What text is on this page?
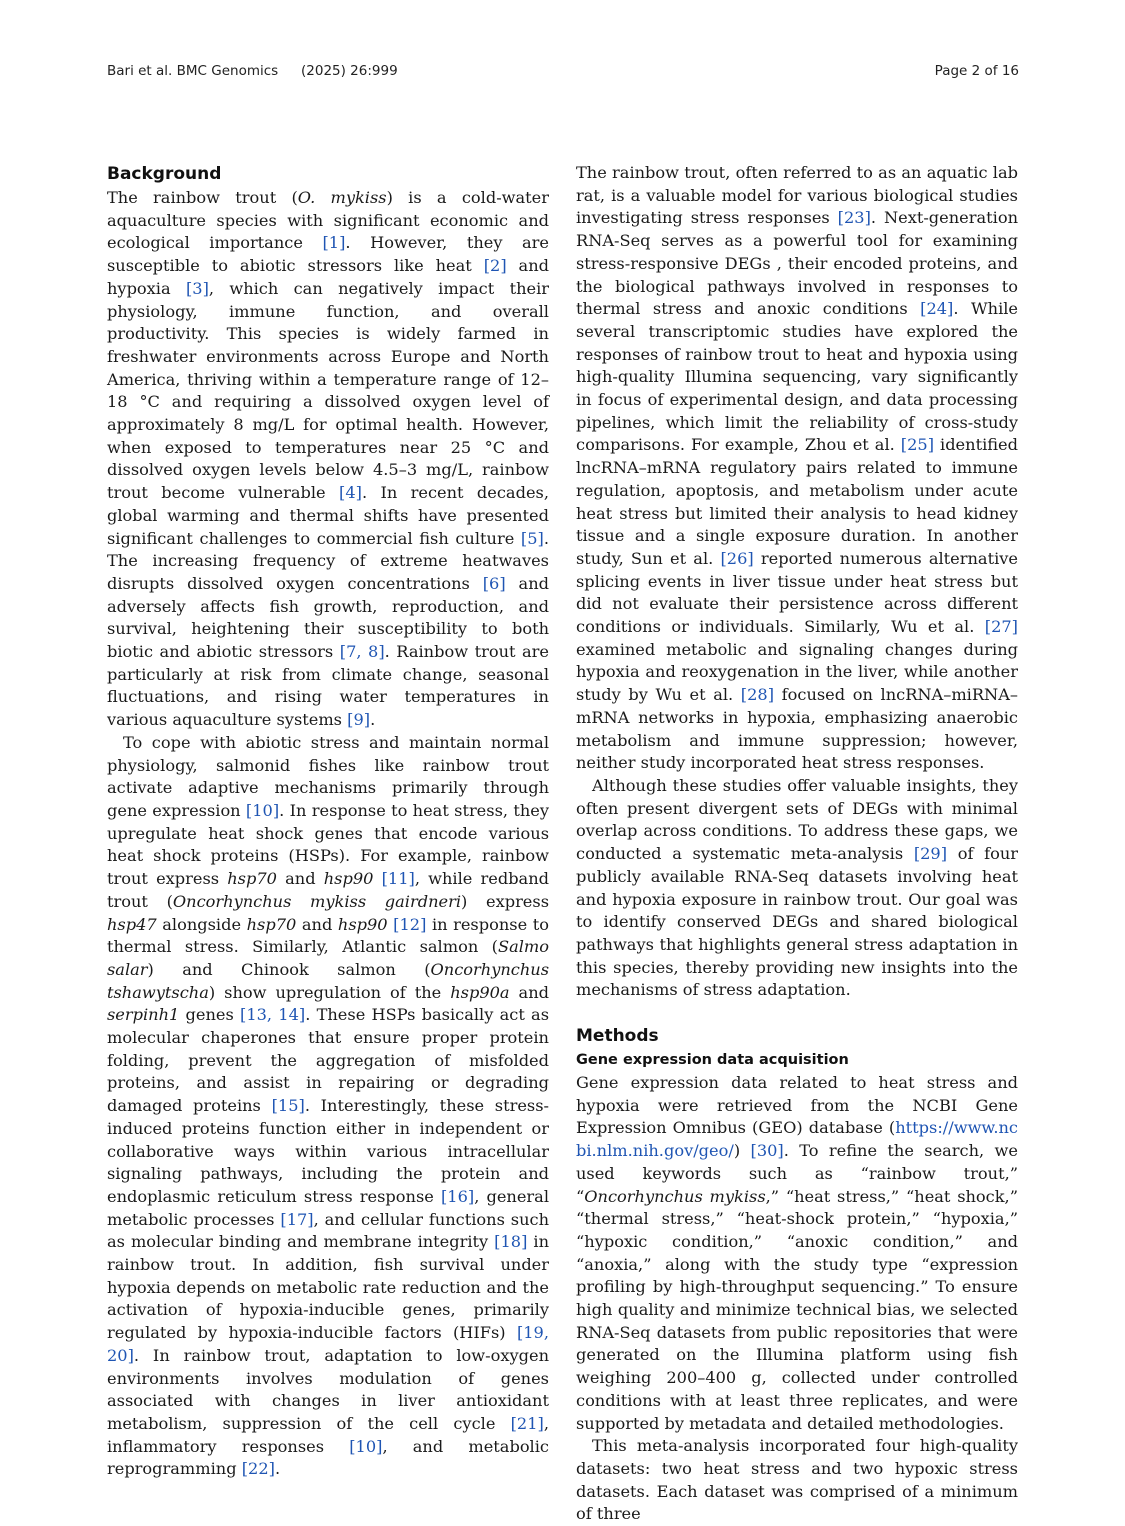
Bari et al. BMC Genomics (2025) 26:999	Page 2 of 16
Background

The rainbow trout (O. mykiss) is a cold-water aquaculture species with significant economic and ecological importance [1]. However, they are susceptible to abiotic stressors like heat [2] and hypoxia [3], which can negatively impact their physiology, immune function, and overall productivity. This species is widely farmed in freshwater environments across Europe and North America, thriving within a temperature range of 12–18 °C and requiring a dissolved oxygen level of approximately 8 mg/L for optimal health. However, when exposed to temperatures near 25 °C and dissolved oxygen levels below 4.5–3 mg/L, rainbow trout become vulnerable [4]. In recent decades, global warming and thermal shifts have presented significant challenges to commercial fish culture [5]. The increasing frequency of extreme heatwaves disrupts dissolved oxygen concentrations [6] and adversely affects fish growth, reproduction, and survival, heightening their susceptibility to both biotic and abiotic stressors [7, 8]. Rainbow trout are particularly at risk from climate change, seasonal fluctuations, and rising water temperatures in various aquaculture systems [9].

To cope with abiotic stress and maintain normal physiology, salmonid fishes like rainbow trout activate adaptive mechanisms primarily through gene expression [10]. In response to heat stress, they upregulate heat shock genes that encode various heat shock proteins (HSPs). For example, rainbow trout express hsp70 and hsp90 [11], while redband trout (Oncorhynchus mykiss gairdneri) express hsp47 alongside hsp70 and hsp90 [12] in response to thermal stress. Similarly, Atlantic salmon (Salmo salar) and Chinook salmon (Oncorhynchus tshawytscha) show upregulation of the hsp90a and serpinh1 genes [13, 14]. These HSPs basically act as molecular chaperones that ensure proper protein folding, prevent the aggregation of misfolded proteins, and assist in repairing or degrading damaged proteins [15]. Interestingly, these stress-induced proteins function either in independent or collaborative ways within various intracellular signaling pathways, including the protein and endoplasmic reticulum stress response [16], general metabolic processes [17], and cellular functions such as molecular binding and membrane integrity [18] in rainbow trout. In addition, fish survival under hypoxia depends on metabolic rate reduction and the activation of hypoxia-inducible genes, primarily regulated by hypoxia-inducible factors (HIFs) [19, 20]. In rainbow trout, adaptation to low-oxygen environments involves modulation of genes associated with changes in liver antioxidant metabolism, suppression of the cell cycle [21], inflammatory responses [10], and metabolic reprogramming [22].

The rainbow trout, often referred to as an aquatic lab rat, is a valuable model for various biological studies investigating stress responses [23]. Next-generation RNA-Seq serves as a powerful tool for examining stress-responsive DEGs , their encoded proteins, and the biological pathways involved in responses to thermal stress and anoxic conditions [24]. While several transcriptomic studies have explored the responses of rainbow trout to heat and hypoxia using high-quality Illumina sequencing, vary significantly in focus of experimental design, and data processing pipelines, which limit the reliability of cross-study comparisons. For example, Zhou et al. [25] identified lncRNA–mRNA regulatory pairs related to immune regulation, apoptosis, and metabolism under acute heat stress but limited their analysis to head kidney tissue and a single exposure duration. In another study, Sun et al. [26] reported numerous alternative splicing events in liver tissue under heat stress but did not evaluate their persistence across different conditions or individuals. Similarly, Wu et al. [27] examined metabolic and signaling changes during hypoxia and reoxygenation in the liver, while another study by Wu et al. [28] focused on lncRNA–miRNA–mRNA networks in hypoxia, emphasizing anaerobic metabolism and immune suppression; however, neither study incorporated heat stress responses.

Although these studies offer valuable insights, they often present divergent sets of DEGs with minimal overlap across conditions. To address these gaps, we conducted a systematic meta-analysis [29] of four publicly available RNA-Seq datasets involving heat and hypoxia exposure in rainbow trout. Our goal was to identify conserved DEGs and shared biological pathways that highlights general stress adaptation in this species, thereby providing new insights into the mechanisms of stress adaptation.

Methods
Gene expression data acquisition

Gene expression data related to heat stress and hypoxia were retrieved from the NCBI Gene Expression Omnibus (GEO) database (https://www.ncbi.nlm.nih.gov/geo/) [30]. To refine the search, we used keywords such as “rainbow trout,” “Oncorhynchus mykiss,” “heat stress,” “heat shock,” “thermal stress,” “heat-shock protein,” “hypoxia,” “hypoxic condition,” “anoxic condition,” and “anoxia,” along with the study type “expression profiling by high-throughput sequencing.” To ensure high quality and minimize technical bias, we selected RNA-Seq datasets from public repositories that were generated on the Illumina platform using fish weighing 200–400 g, collected under controlled conditions with at least three replicates, and were supported by metadata and detailed methodologies.

This meta-analysis incorporated four high-quality datasets: two heat stress and two hypoxic stress datasets. Each dataset was comprised of a minimum of three
